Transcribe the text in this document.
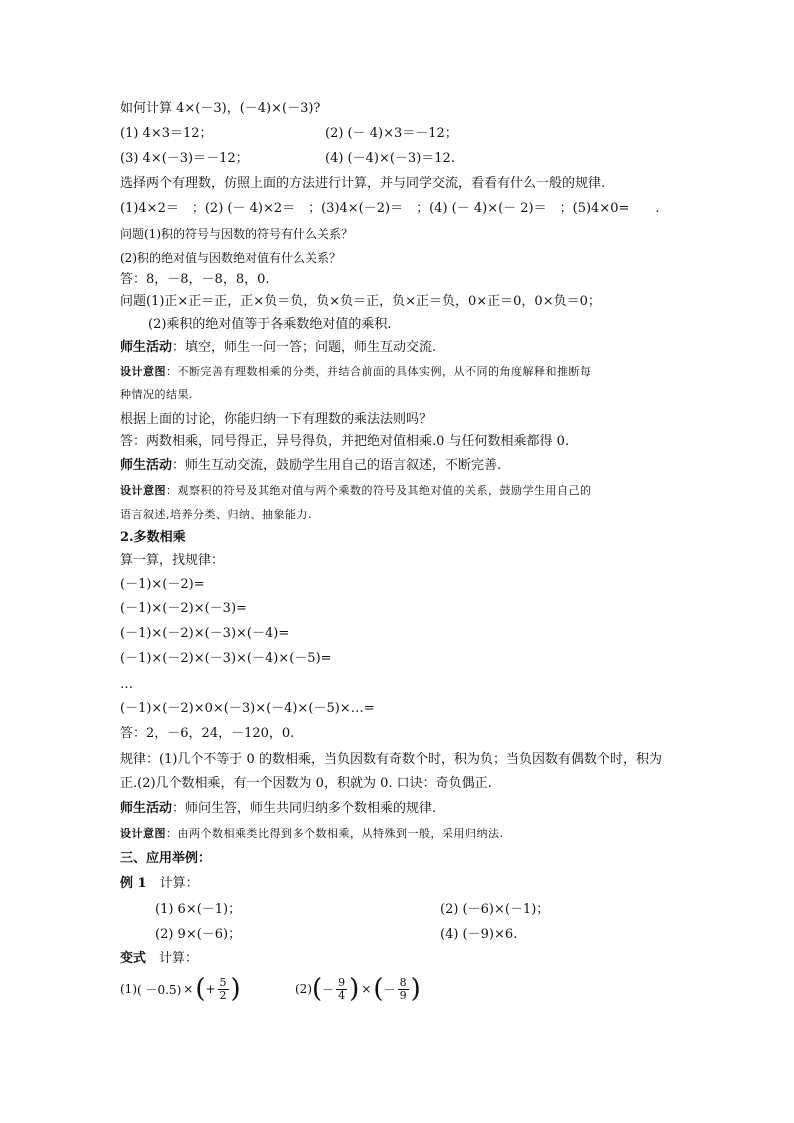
如何计算 4×(－3)，(－4)×(－3)?
(1) 4×3＝12；	(2) (－ 4)×3＝－12；
(3) 4×(－3)＝－12；	(4) (－4)×(－3)＝12.
选择两个有理数，仿照上面的方法进行计算，并与同学交流，看看有什么一般的规律.
(1)4×2＝　；(2) (－ 4)×2＝　；(3)4×(－2)＝　；(4) (－ 4)×(－ 2)＝　；(5)4×0=　　.
问题(1)积的符号与因数的符号有什么关系？
(2)积的绝对值与因数绝对值有什么关系？
答：8，－8，－8，8，0.
问题(1)正×正＝正，正×负＝负，负×负＝正，负×正＝负，0×正＝0，0×负＝0；
(2)乘积的绝对值等于各乘数绝对值的乘积.
师生活动：填空，师生一问一答；问题，师生互动交流.
设计意图：不断完善有理数相乘的分类，并结合前面的具体实例，从不同的角度解释和推断每
种情况的结果.
根据上面的讨论，你能归纳一下有理数的乘法法则吗？
答：两数相乘，同号得正，异号得负，并把绝对值相乘.0 与任何数相乘都得 0.
师生活动：师生互动交流，鼓励学生用自己的语言叙述，不断完善.
设计意图：观察积的符号及其绝对值与两个乘数的符号及其绝对值的关系，鼓励学生用自己的
语言叙述,培养分类、归纳、抽象能力.
2.多数相乘
算一算，找规律：
(－1)×(－2)=
(－1)×(－2)×(－3)=
(－1)×(－2)×(－3)×(－4)=
(－1)×(－2)×(－3)×(－4)×(－5)=
…
(－1)×(－2)×0×(－3)×(－4)×(－5)×…=
答：2，－6，24，－120，0.
规律：(1)几个不等于 0 的数相乘，当负因数有奇数个时，积为负；当负因数有偶数个时，积为
正.(2)几个数相乘，有一个因数为 0，积就为 0. 口诀：奇负偶正.
师生活动：师问生答，师生共同归纳多个数相乘的规律.
设计意图：由两个数相乘类比得到多个数相乘，从特殊到一般，采用归纳法.
三、应用举例：
例 1　计算：
(1) 6×(－1)；	(2) (－6)×(－1)；
(2) 9×(－6)；	(4) (－9)×6.
变式　计算：
(1) ( －0.5) × ( + $\frac{5}{2}$ )	(2) ( － $\frac{9}{4}$ ) × ( － $\frac{8}{9}$ )
